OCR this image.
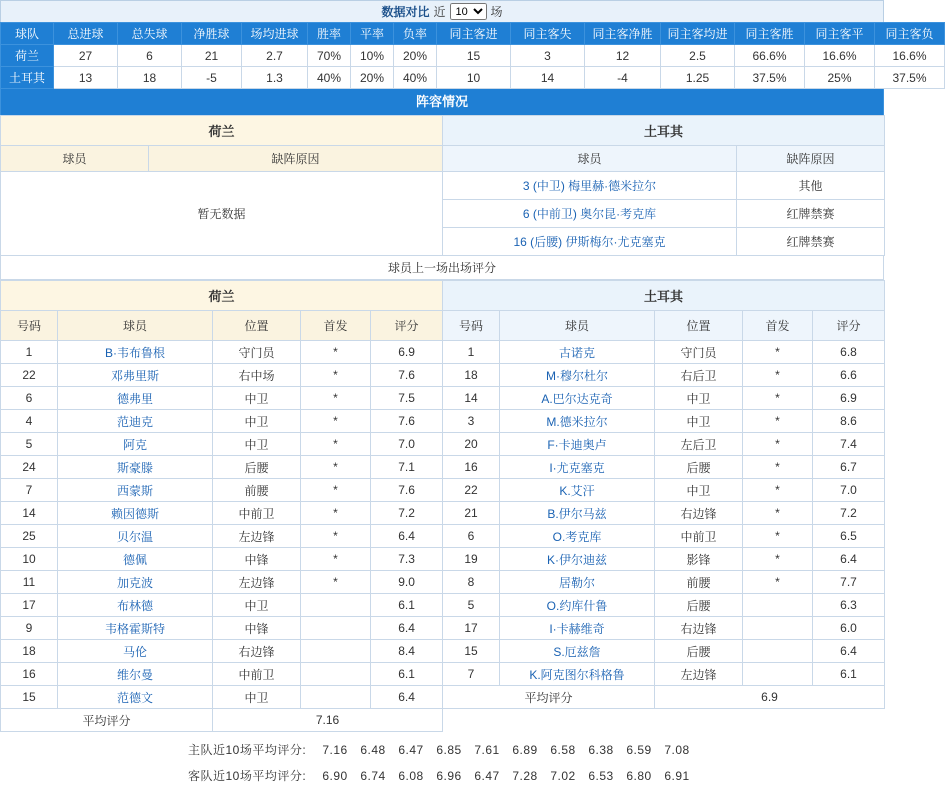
数据对比 近
10	场
球队	总进球	总失球	净胜球	场均进球	胜率	平率	负率	同主客进	同主客失	同主客净胜	同主客均进	同主客胜	同主客平	同主客负
荷兰	27	6	21	2.7	70%	10%	20%	15	3	12	2.5	66.6%	16.6%	16.6%
土耳其	13	18	-5	1.3	40%	20%	40%	10	14	-4	1.25	37.5%	25%	37.5%
阵容情况
荷兰
球员	缺阵原因
暂无数据
土耳其	
球员	缺阵原因
3 (中卫) 梅里赫·德米拉尔	其他
6 (中前卫) 奥尔昆·考克库	红牌禁赛
16 (后腰) 伊斯梅尔·尤克塞克	红牌禁赛
球员上一场出场评分
荷兰				
号码	球员	位置	首发	评分
1	B·韦布鲁根	守门员	*	6.9
22	邓弗里斯	右中场	*	7.6
6	德弗里	中卫	*	7.5
4	范迪克	中卫	*	7.6
5	阿克	中卫	*	7.0
24	斯豪滕	后腰	*	7.1
7	西蒙斯	前腰	*	7.6
14	赖因德斯	中前卫	*	7.2
25	贝尔温	左边锋	*	6.4
10	德佩	中锋	*	7.3
11	加克波	左边锋	*	9.0
17	布林德	中卫		6.1
9	韦格霍斯特	中锋		6.4
18	马伦	右边锋		8.4
16	维尔曼	中前卫		6.1
15	范德文	中卫		6.4
平均评分		7.16		
土耳其				
号码	球员	位置	首发	评分
1	古诺克	守门员	*	6.8
18	M·穆尔杜尔	右后卫	*	6.6
14	A.巴尔达克奇	中卫	*	6.9
3	M.德米拉尔	中卫	*	8.6
20	F·卡迪奥卢	左后卫	*	7.4
16	I·尤克塞克	后腰	*	6.7
22	K.艾汗	中卫	*	7.0
21	B.伊尔马兹	右边锋	*	7.2
6	O.考克库	中前卫	*	6.5
19	K·伊尔迪兹	影锋	*	6.4
8	居勒尔	前腰	*	7.7
5	O.约库什鲁	后腰		6.3
17	I·卡赫维奇	右边锋		6.0
15	S.厄兹詹	后腰		6.4
7	K.阿克图尔科格鲁	左边锋		6.1
平均评分		6.9		
主队近10场平均评分: 7.16 6.48 6.47 6.85 7.61 6.89 6.58 6.38 6.59 7.08
客队近10场平均评分: 6.90 6.74 6.08 6.96 6.47 7.28 7.02 6.53 6.80 6.91
